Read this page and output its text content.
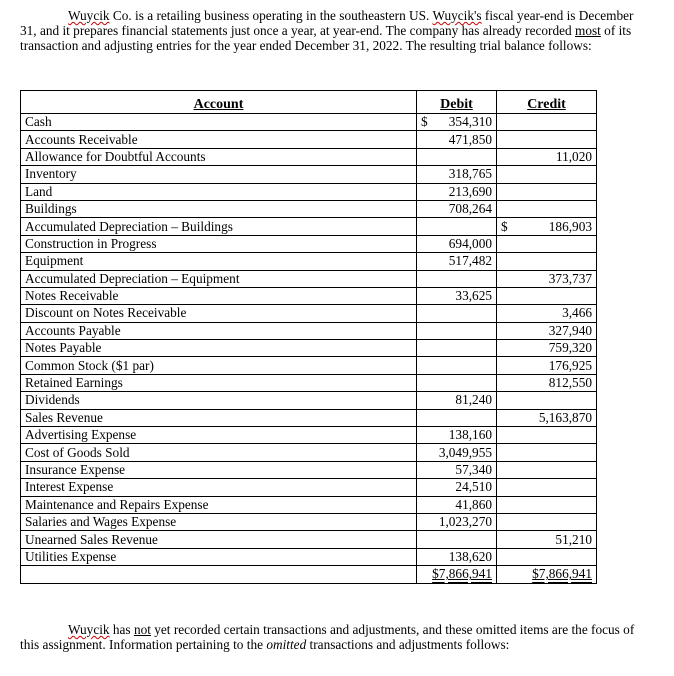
Wuycik Co. is a retailing business operating in the southeastern US. Wuycik's fiscal year-end is December 31, and it prepares financial statements just once a year, at year-end. The company has already recorded most of its transaction and adjusting entries for the year ended December 31, 2022. The resulting trial balance follows:
Account	Debit	Credit
Cash	$ 354,310	
Accounts Receivable	471,850	
Allowance for Doubtful Accounts		11,020
Inventory	318,765	
Land	213,690	
Buildings	708,264	
Accumulated Depreciation – Buildings		$ 186,903
Construction in Progress	694,000	
Equipment	517,482	
Accumulated Depreciation – Equipment		373,737
Notes Receivable	33,625	
Discount on Notes Receivable		3,466
Accounts Payable		327,940
Notes Payable		759,320
Common Stock ($1 par)		176,925
Retained Earnings		812,550
Dividends	81,240	
Sales Revenue		5,163,870
Advertising Expense	138,160	
Cost of Goods Sold	3,049,955	
Insurance Expense	57,340	
Interest Expense	24,510	
Maintenance and Repairs Expense	41,860	
Salaries and Wages Expense	1,023,270	
Unearned Sales Revenue		51,210
Utilities Expense	138,620	
	$7,866,941	$7,866,941
Wuycik has not yet recorded certain transactions and adjustments, and these omitted items are the focus of this assignment. Information pertaining to the omitted transactions and adjustments follows:
